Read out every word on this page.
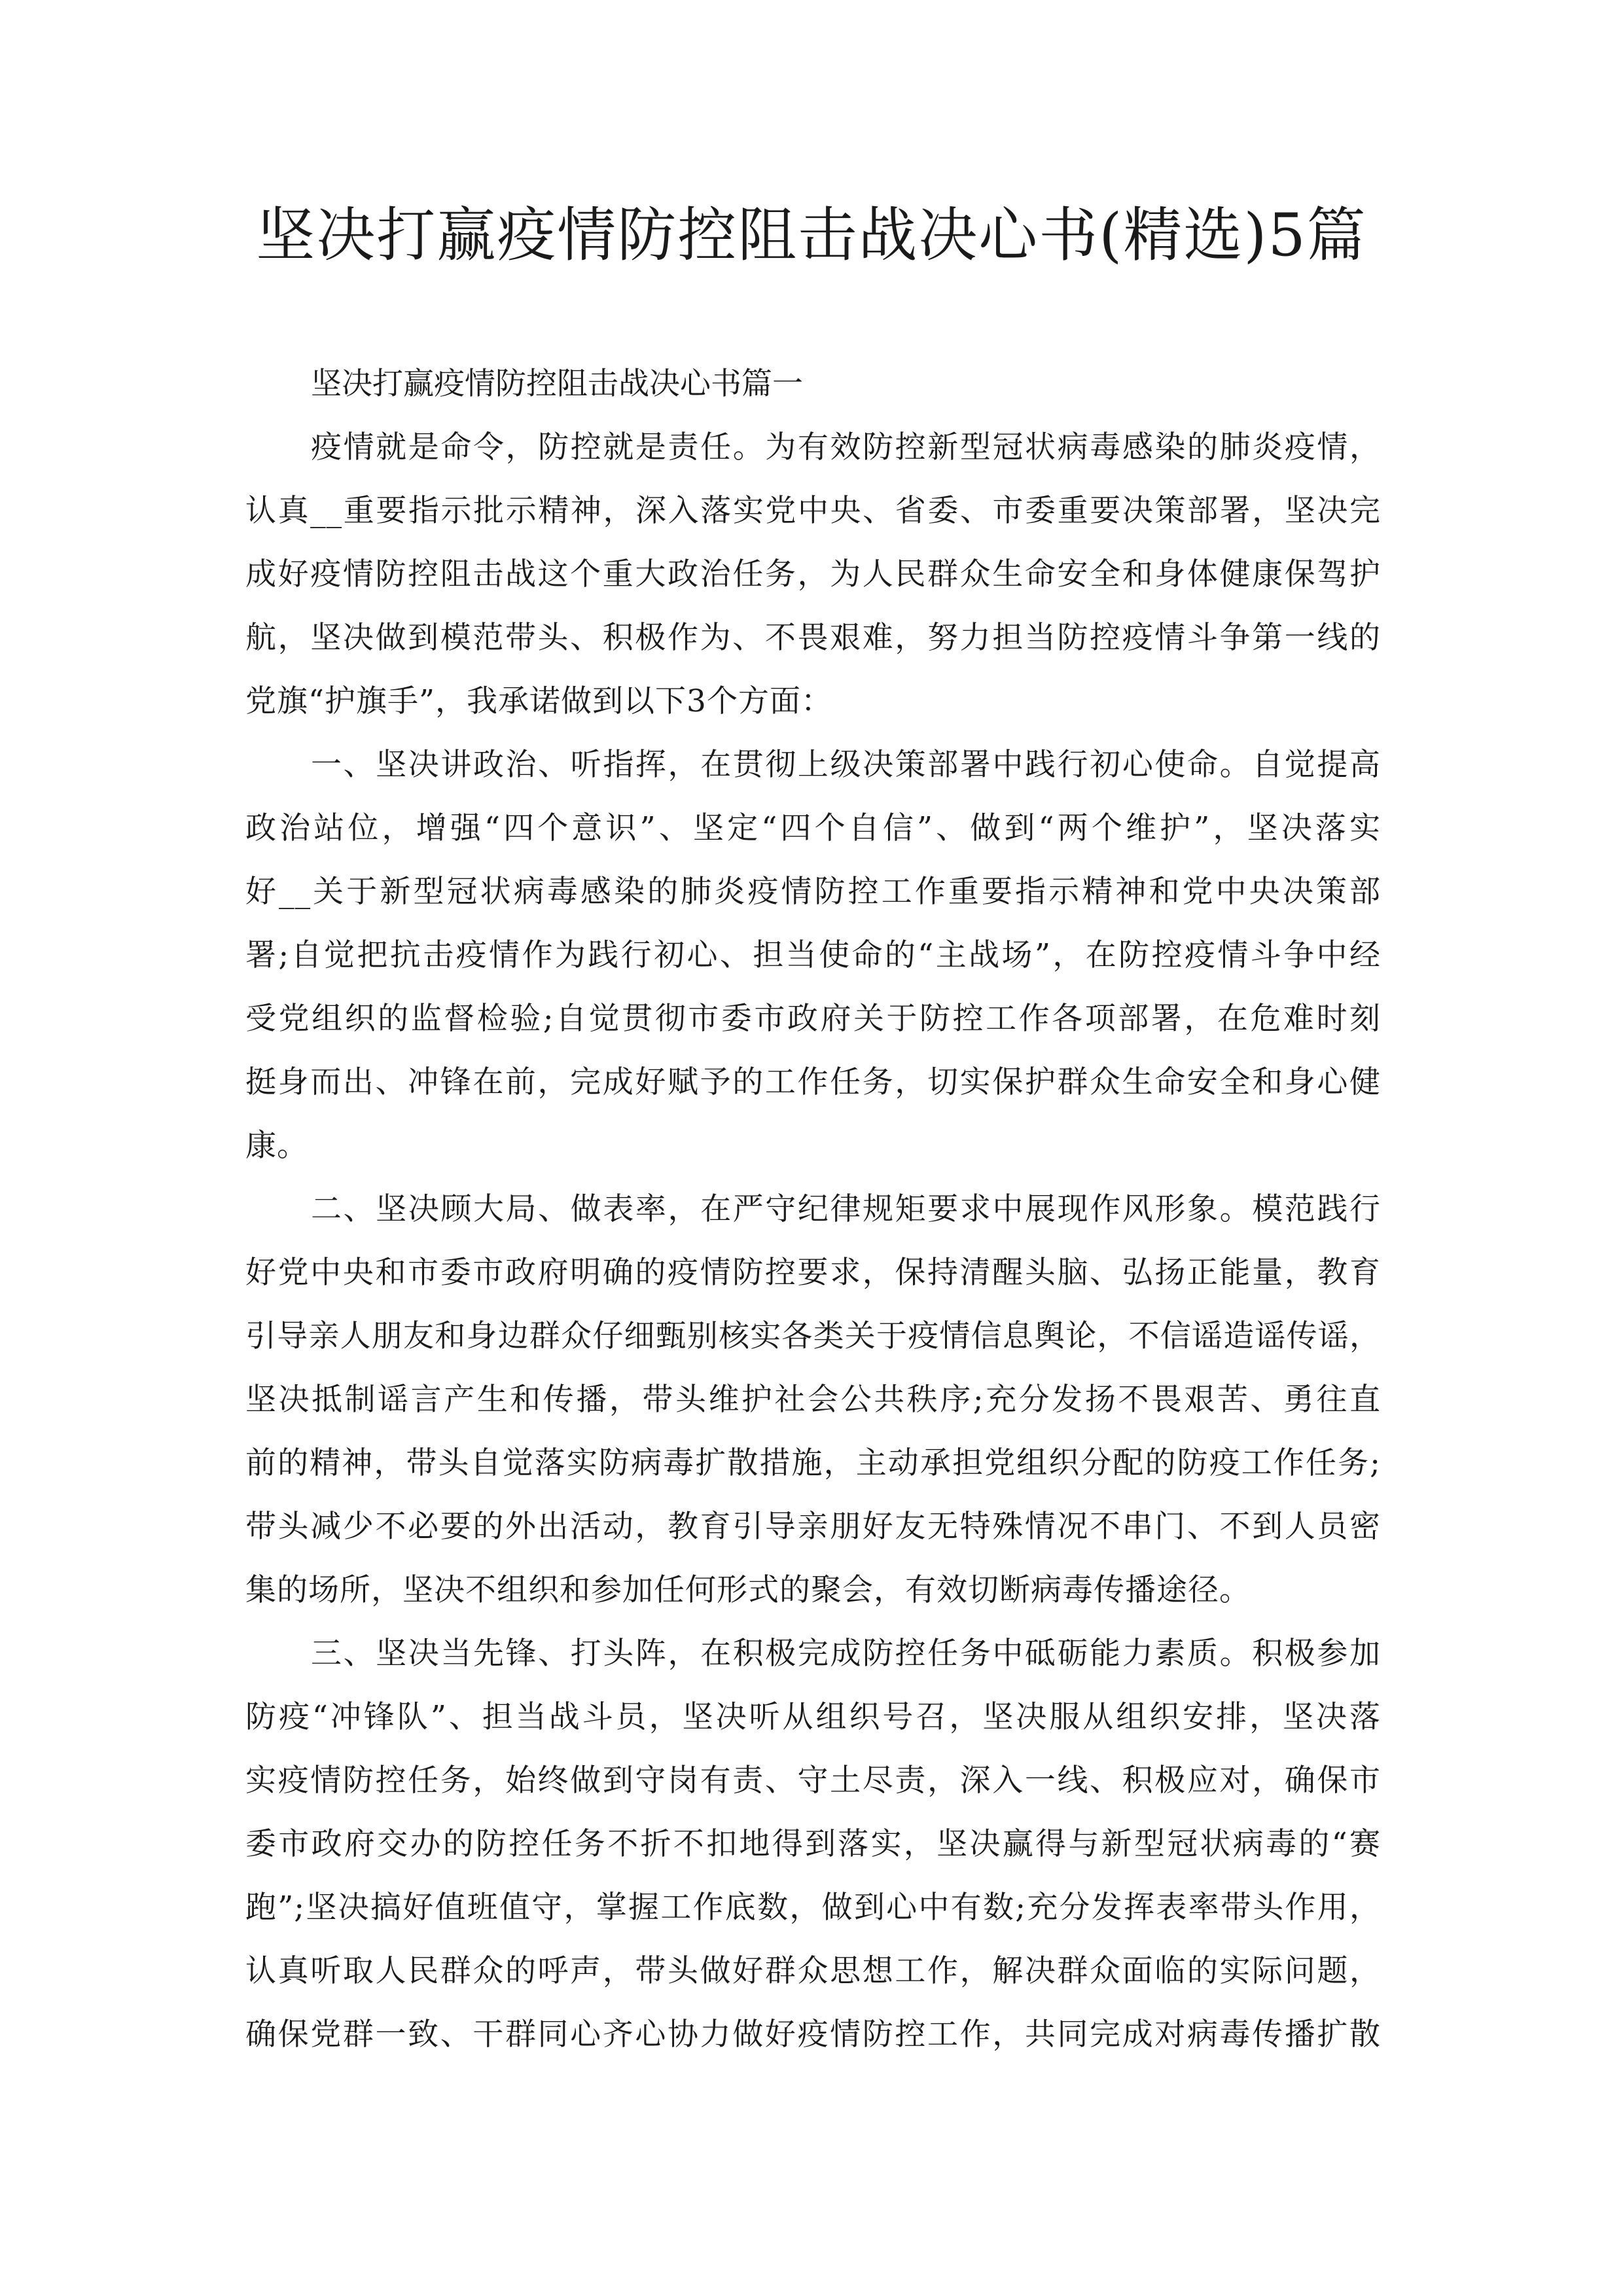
坚决打赢疫情防控阻击战决心书(精选)5篇

坚决打赢疫情防控阻击战决心书篇一

疫情就是命令，防控就是责任。为有效防控新型冠状病毒感染的肺炎疫情，
认真__重要指示批示精神，深入落实党中央、省委、市委重要决策部署，坚决完
成好疫情防控阻击战这个重大政治任务，为人民群众生命安全和身体健康保驾护
航，坚决做到模范带头、积极作为、不畏艰难，努力担当防控疫情斗争第一线的
党旗“护旗手”，我承诺做到以下3个方面：
一、坚决讲政治、听指挥，在贯彻上级决策部署中践行初心使命。自觉提高
政治站位，增强“四个意识”、坚定“四个自信”、做到“两个维护”，坚决落实
好__关于新型冠状病毒感染的肺炎疫情防控工作重要指示精神和党中央决策部
署;自觉把抗击疫情作为践行初心、担当使命的“主战场”，在防控疫情斗争中经
受党组织的监督检验;自觉贯彻市委市政府关于防控工作各项部署，在危难时刻
挺身而出、冲锋在前，完成好赋予的工作任务，切实保护群众生命安全和身心健
康。
二、坚决顾大局、做表率，在严守纪律规矩要求中展现作风形象。模范践行
好党中央和市委市政府明确的疫情防控要求，保持清醒头脑、弘扬正能量，教育
引导亲人朋友和身边群众仔细甄别核实各类关于疫情信息舆论，不信谣造谣传谣，
坚决抵制谣言产生和传播，带头维护社会公共秩序;充分发扬不畏艰苦、勇往直
前的精神，带头自觉落实防病毒扩散措施，主动承担党组织分配的防疫工作任务;
带头减少不必要的外出活动，教育引导亲朋好友无特殊情况不串门、不到人员密
集的场所，坚决不组织和参加任何形式的聚会，有效切断病毒传播途径。
三、坚决当先锋、打头阵，在积极完成防控任务中砥砺能力素质。积极参加
防疫“冲锋队”、担当战斗员，坚决听从组织号召，坚决服从组织安排，坚决落
实疫情防控任务，始终做到守岗有责、守土尽责，深入一线、积极应对，确保市
委市政府交办的防控任务不折不扣地得到落实，坚决赢得与新型冠状病毒的“赛
跑”;坚决搞好值班值守，掌握工作底数，做到心中有数;充分发挥表率带头作用，
认真听取人民群众的呼声，带头做好群众思想工作，解决群众面临的实际问题，
确保党群一致、干群同心齐心协力做好疫情防控工作，共同完成对病毒传播扩散
